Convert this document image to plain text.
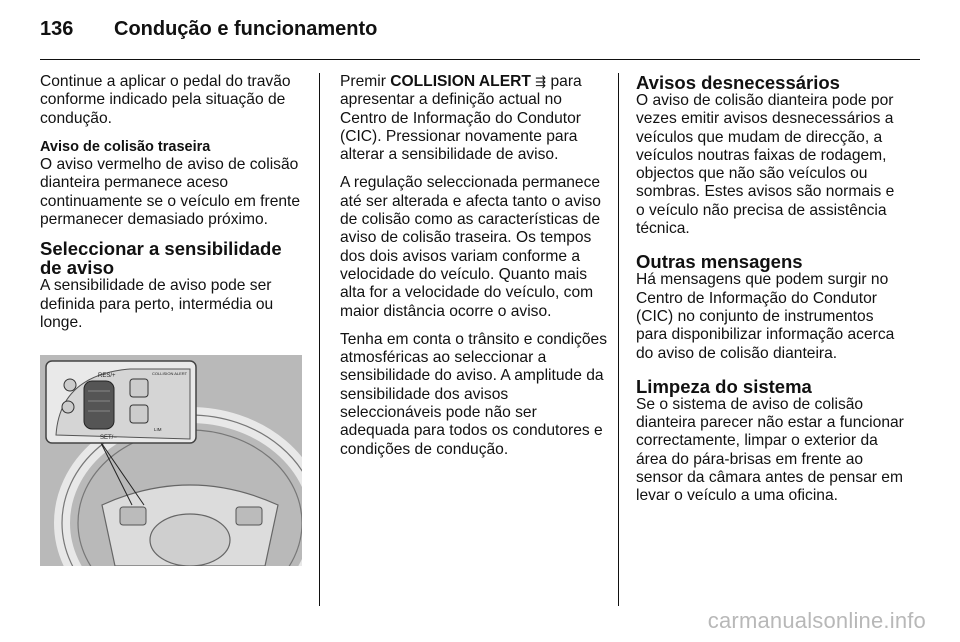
136	Condução e funcionamento

Continue a aplicar o pedal do travão conforme indicado pela situação de condução.

Aviso de colisão traseira
O aviso vermelho de aviso de colisão dianteira permanece aceso continuamente se o veículo em frente permanecer demasiado próximo.

Seleccionar a sensibilidade de aviso

A sensibilidade de aviso pode ser definida para perto, intermédia ou longe.

RES/+
SET/−
COLLISION ALERT
LIM

Premir COLLISION ALERT ⇶ para apresentar a definição actual no Centro de Informação do Condutor (CIC). Pressionar novamente para alterar a sensibilidade de aviso.

A regulação seleccionada permanece até ser alterada e afecta tanto o aviso de colisão como as características de aviso de colisão traseira. Os tempos dos dois avisos variam conforme a velocidade do veículo. Quanto mais alta for a velocidade do veículo, com maior distância ocorre o aviso.

Tenha em conta o trânsito e condições atmosféricas ao seleccionar a sensibilidade do aviso. A amplitude da sensibilidade dos avisos seleccionáveis pode não ser adequada para todos os condutores e condições de condução.

Avisos desnecessários

O aviso de colisão dianteira pode por vezes emitir avisos desnecessários a veículos que mudam de direcção, a veículos noutras faixas de rodagem, objectos que não são veículos ou sombras. Estes avisos são normais e o veículo não precisa de assistência técnica.

Outras mensagens

Há mensagens que podem surgir no Centro de Informação do Condutor (CIC) no conjunto de instrumentos para disponibilizar informação acerca do aviso de colisão dianteira.

Limpeza do sistema

Se o sistema de aviso de colisão dianteira parecer não estar a funcionar correctamente, limpar o exterior da área do pára-brisas em frente ao sensor da câmara antes de pensar em levar o veículo a uma oficina.

carmanualsonline.info
